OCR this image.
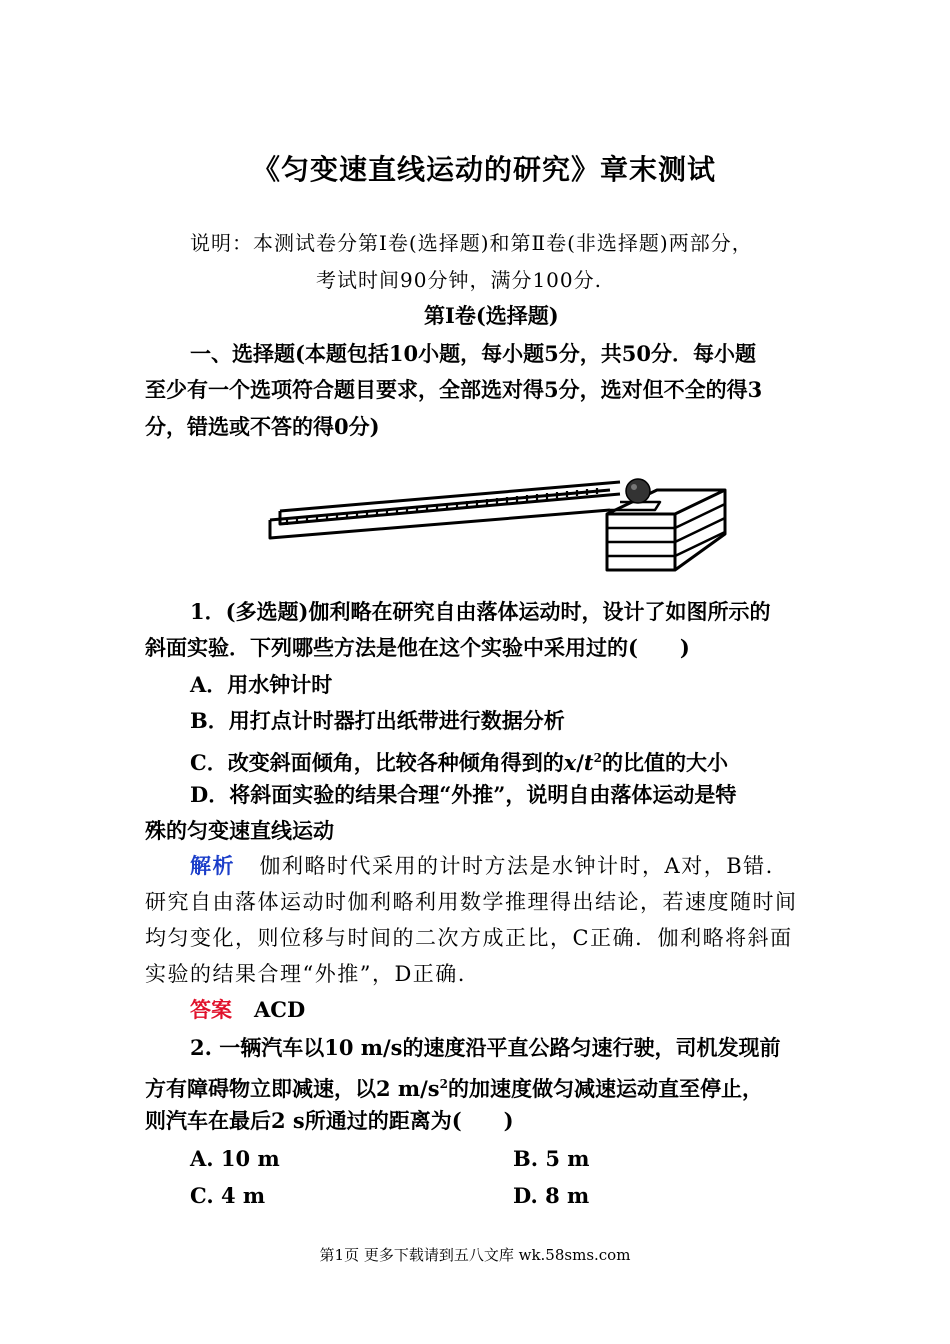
《匀变速直线运动的研究》章末测试
说明：本测试卷分第Ⅰ卷(选择题)和第Ⅱ卷(非选择题)两部分，
考试时间90分钟，满分100分.
第Ⅰ卷(选择题)
一、选择题(本题包括10小题，每小题5分，共50分．每小题
至少有一个选项符合题目要求，全部选对得5分，选对但不全的得3
分，错选或不答的得0分)
1．(多选题)伽利略在研究自由落体运动时，设计了如图所示的
斜面实验．下列哪些方法是他在这个实验中采用过的(　　)
A．用水钟计时
B．用打点计时器打出纸带进行数据分析
C．改变斜面倾角，比较各种倾角得到的$x/t^2$的比值的大小
D．将斜面实验的结果合理“外推”，说明自由落体运动是特
殊的匀变速直线运动
解析 伽利略时代采用的计时方法是水钟计时，A对，B错.
研究自由落体运动时伽利略利用数学推理得出结论，若速度随时间
均匀变化，则位移与时间的二次方成正比，C正确．伽利略将斜面
实验的结果合理“外推”，D正确.
答案 ACD
2. 一辆汽车以10 m/s的速度沿平直公路匀速行驶，司机发现前
方有障碍物立即减速，以2 $m/s^2$的加速度做匀减速运动直至停止，
则汽车在最后2 s所通过的距离为(　　)
A. 10 m	B. 5 m
C. 4 m	D. 8 m
第1页 更多下载请到五八文库 wk.58sms.com
